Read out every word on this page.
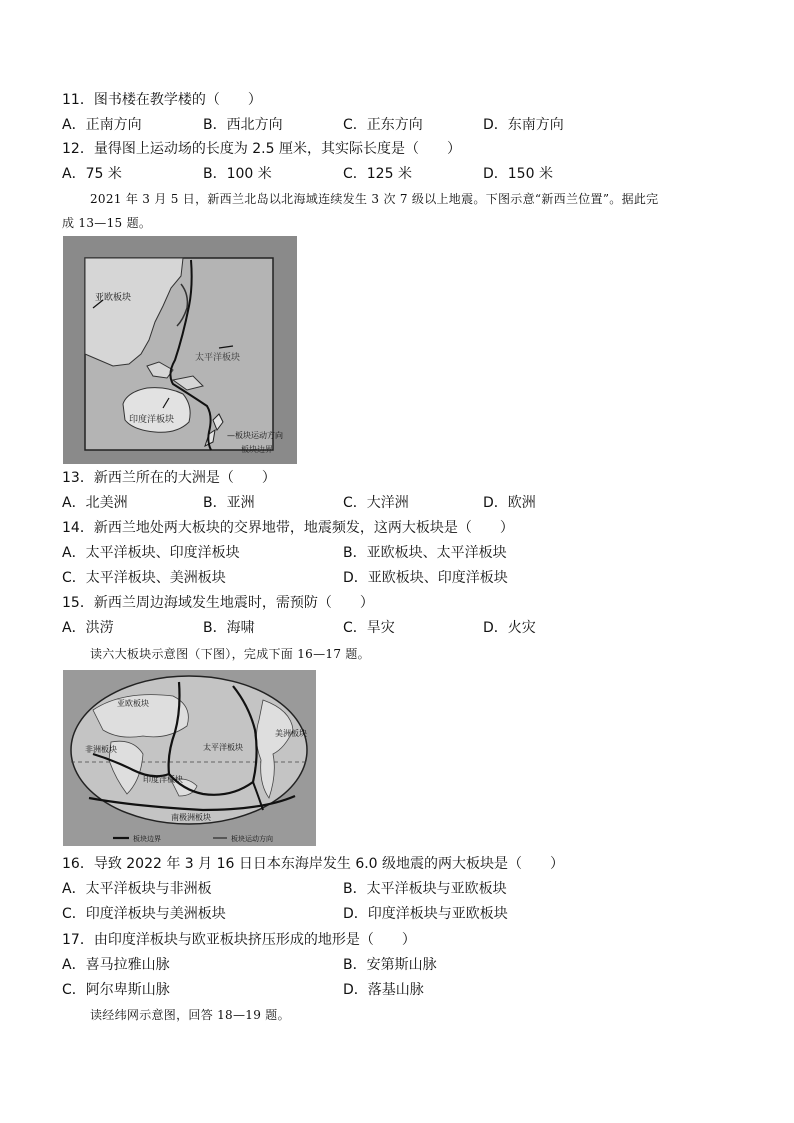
11．图书楼在教学楼的（　　）
A．正南方向	B．西北方向	C．正东方向	D．东南方向
12．量得图上运动场的长度为 2.5 厘米，其实际长度是（　　）
A．75 米	B．100 米	C．125 米	D．150 米
2021 年 3 月 5 日，新西兰北岛以北海域连续发生 3 次 7 级以上地震。下图示意“新西兰位置”。据此完
成 13—15 题。
亚欧板块
太平洋板块
印度洋板块
—板块运动方向
—板块边界
13．新西兰所在的大洲是（　　）
A．北美洲	B．亚洲	C．大洋洲	D．欧洲
14．新西兰地处两大板块的交界地带，地震频发，这两大板块是（　　）
A．太平洋板块、印度洋板块	B．亚欧板块、太平洋板块
C．太平洋板块、美洲板块	D．亚欧板块、印度洋板块
15．新西兰周边海域发生地震时，需预防（　　）
A．洪涝	B．海啸	C．旱灾	D．火灾
读六大板块示意图（下图），完成下面 16—17 题。
亚欧板块
非洲板块	太平洋板块
美洲板块
印度洋板块
南极洲板块
板块边界	板块运动方向
16．导致 2022 年 3 月 16 日日本东海岸发生 6.0 级地震的两大板块是（　　）
A．太平洋板块与非洲板	B．太平洋板块与亚欧板块
C．印度洋板块与美洲板块	D．印度洋板块与亚欧板块
17．由印度洋板块与欧亚板块挤压形成的地形是（　　）
A．喜马拉雅山脉	B．安第斯山脉
C．阿尔卑斯山脉	D．落基山脉
读经纬网示意图，回答 18—19 题。
